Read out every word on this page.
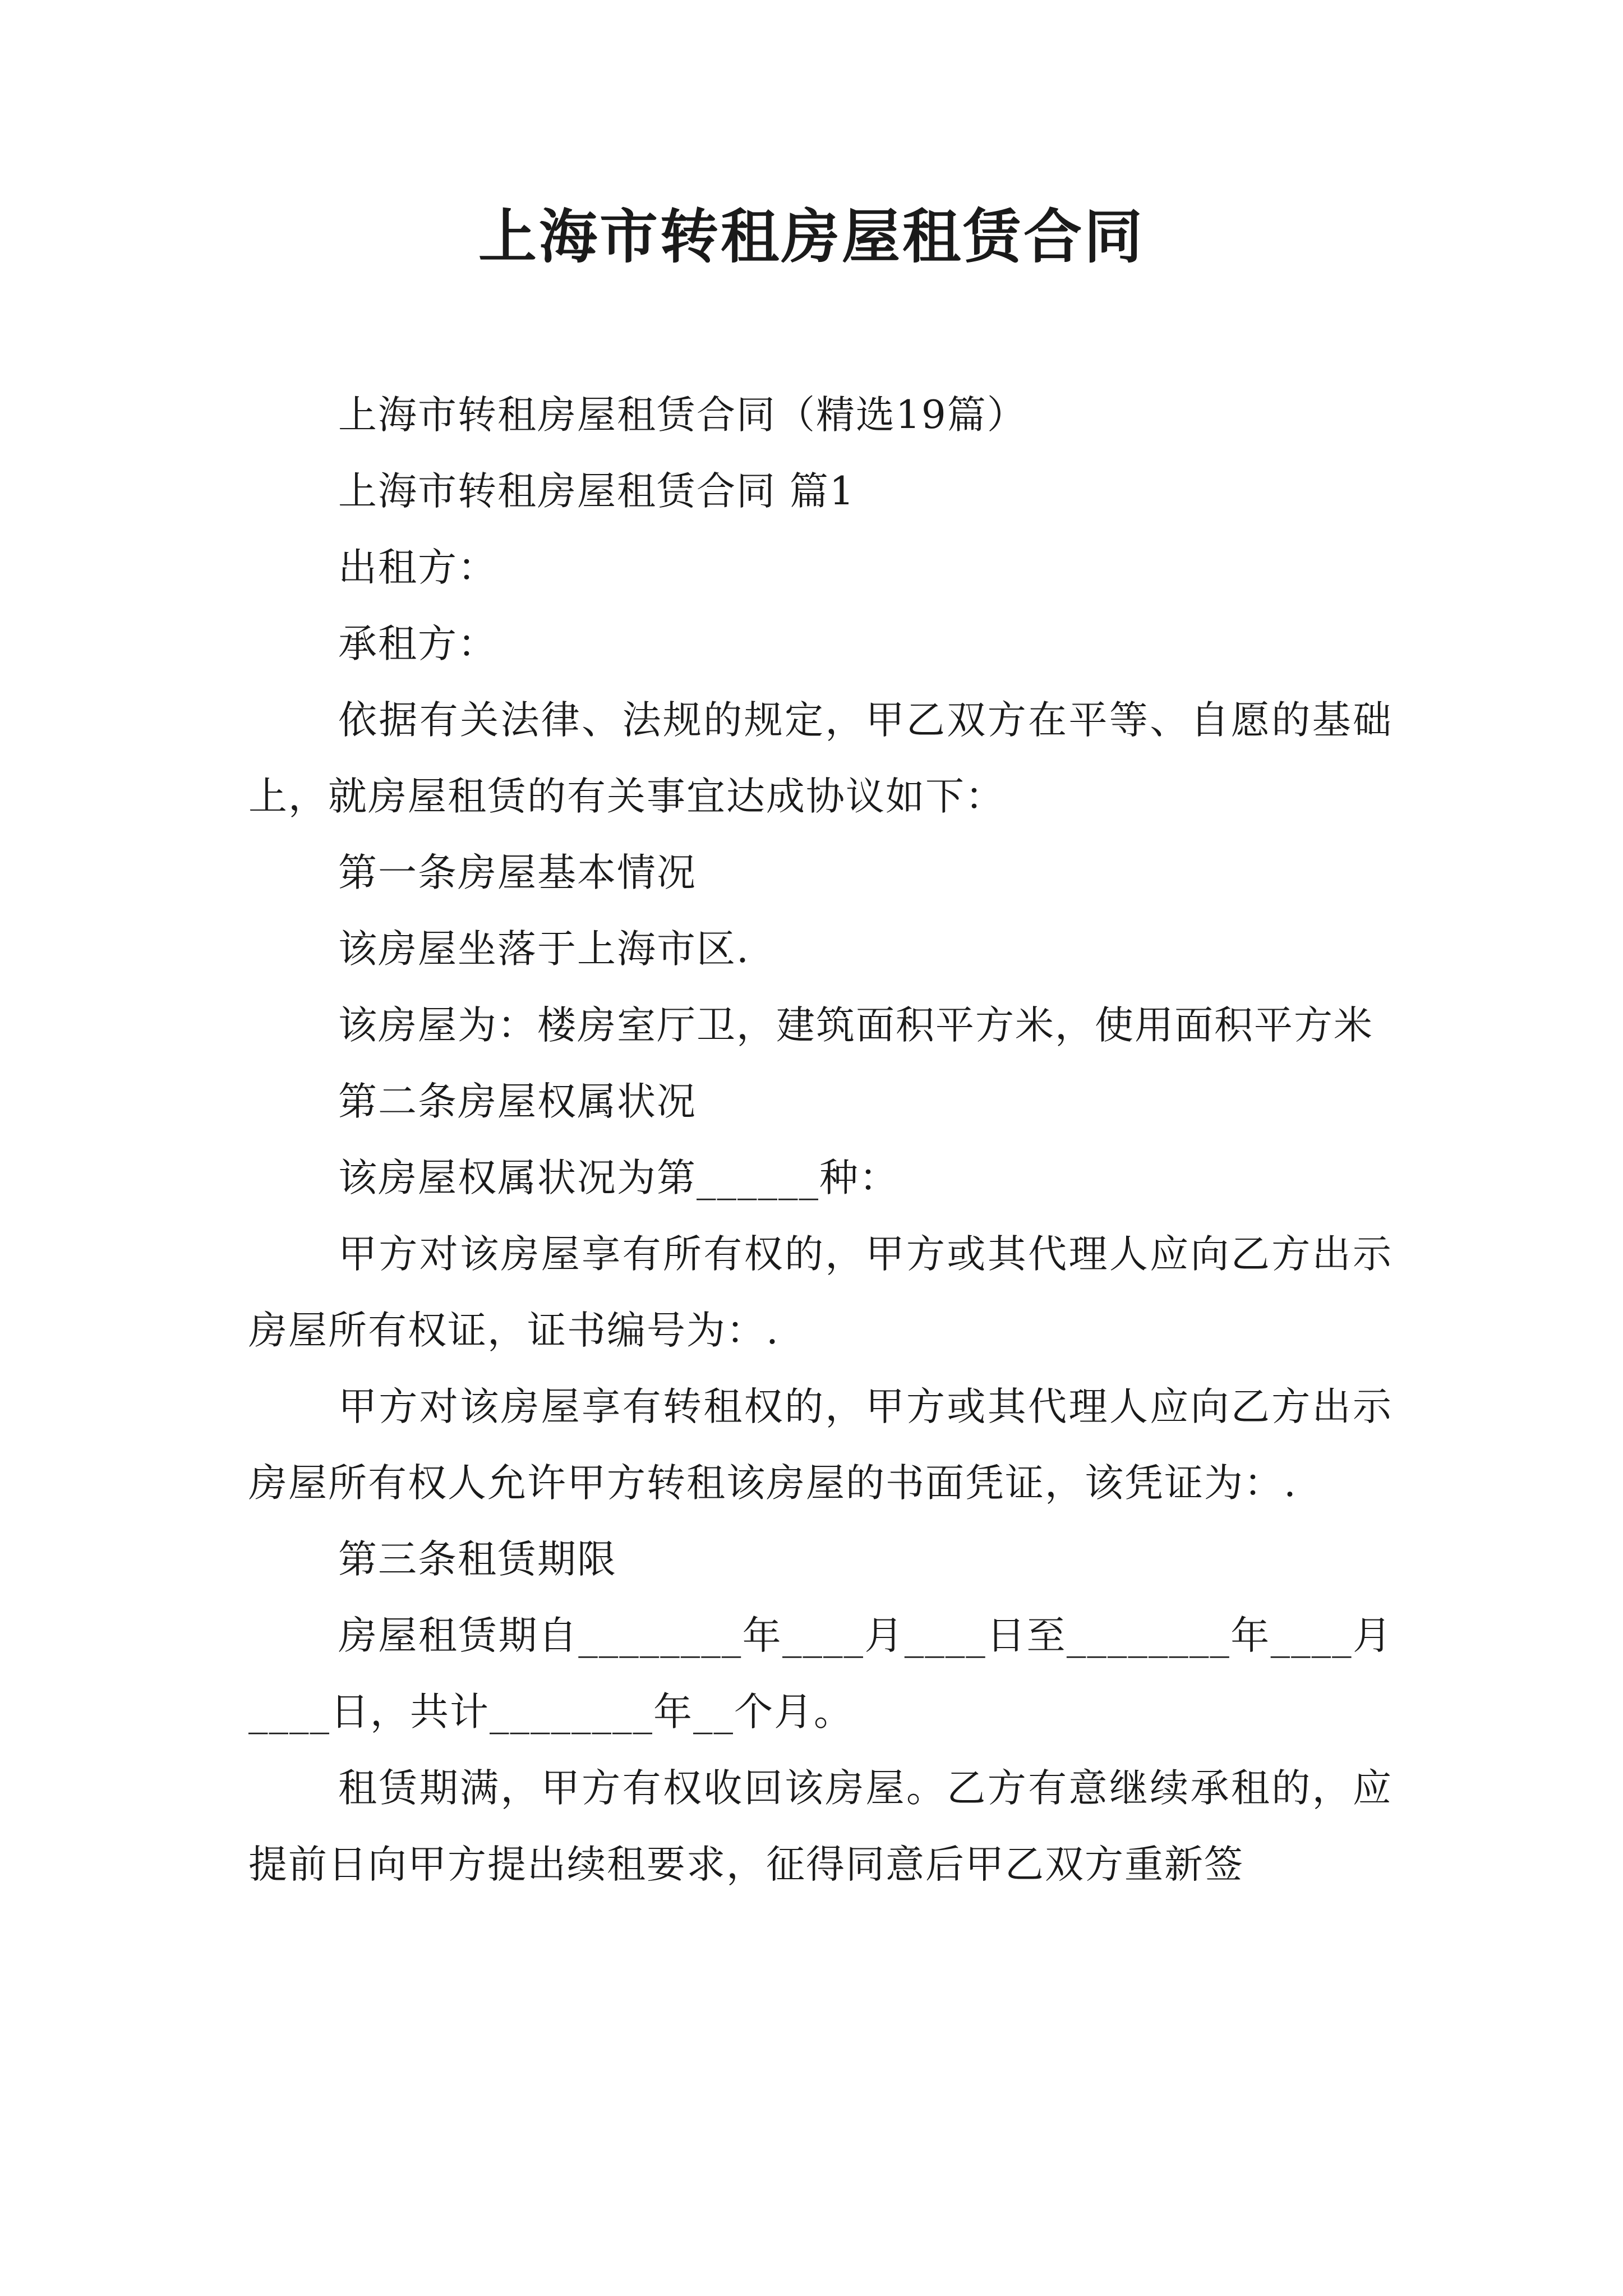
上海市转租房屋租赁合同

上海市转租房屋租赁合同（精选19篇）

上海市转租房屋租赁合同 篇1

出租方：

承租方：

依据有关法律、法规的规定，甲乙双方在平等、自愿的基础上，就房屋租赁的有关事宜达成协议如下：

第一条房屋基本情况

该房屋坐落于上海市区.

该房屋为：楼房室厅卫，建筑面积平方米，使用面积平方米

第二条房屋权属状况

该房屋权属状况为第______种：

甲方对该房屋享有所有权的，甲方或其代理人应向乙方出示房屋所有权证，证书编号为：.

甲方对该房屋享有转租权的，甲方或其代理人应向乙方出示房屋所有权人允许甲方转租该房屋的书面凭证，该凭证为：.

第三条租赁期限

房屋租赁期自________年____月____日至________年____月____日，共计________年__个月。

租赁期满，甲方有权收回该房屋。乙方有意继续承租的，应提前日向甲方提出续租要求，征得同意后甲乙双方重新签
